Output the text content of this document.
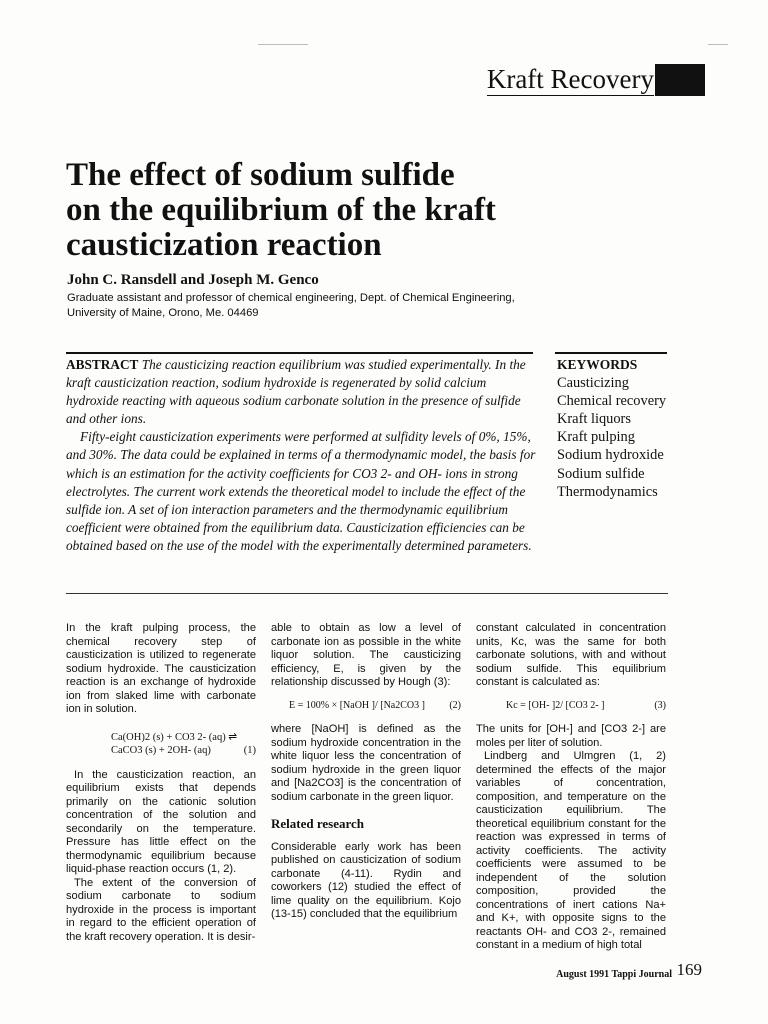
Kraft Recovery
The effect of sodium sulfide
on the equilibrium of the kraft
causticization reaction
John C. Ransdell and Joseph M. Genco
Graduate assistant and professor of chemical engineering, Dept. of Chemical Engineering,
University of Maine, Orono, Me. 04469

ABSTRACT The causticizing reaction equilibrium was studied experimentally. In the kraft causticization reaction, sodium hydroxide is regenerated by solid calcium hydroxide reacting with aqueous sodium carbonate solution in the presence of sulfide and other ions.

Fifty-eight causticization experiments were performed at sulfidity levels of 0%, 15%, and 30%. The data could be explained in terms of a thermodynamic model, the basis for which is an estimation for the activity coefficients for CO3 2- and OH- ions in strong electrolytes. The current work extends the theoretical model to include the effect of the sulfide ion. A set of ion interaction parameters and the thermodynamic equilibrium coefficient were obtained from the equilibrium data. Causticization efficiencies can be obtained based on the use of the model with the experimentally determined parameters.

KEYWORDS
Causticizing
Chemical recovery
Kraft liquors
Kraft pulping
Sodium hydroxide
Sodium sulfide
Thermodynamics

In the kraft pulping process, the chemical recovery step of causticization is utilized to regenerate sodium hydroxide. The causticization reaction is an exchange of hydroxide ion from slaked lime with carbonate ion in solution.

Ca(OH)2 (s) + CO3 2- (aq) ⇌
CaCO3 (s) + 2OH- (aq)	(1)

In the causticization reaction, an equilibrium exists that depends primarily on the cationic solution concentration of the solution and secondarily on the temperature. Pressure has little effect on the thermodynamic equilibrium because liquid-phase reaction occurs (1, 2).

The extent of the conversion of sodium carbonate to sodium hydroxide in the process is important in regard to the efficient operation of the kraft recovery operation. It is desir-

able to obtain as low a level of carbonate ion as possible in the white liquor solution. The causticizing efficiency, E, is given by the relationship discussed by Hough (3):

E = 100% × [NaOH ]/ [Na2CO3 ] (2)

where [NaOH] is defined as the sodium hydroxide concentration in the white liquor less the concentration of sodium hydroxide in the green liquor and [Na2CO3] is the concentration of sodium carbonate in the green liquor.

Related research

Considerable early work has been published on causticization of sodium carbonate (4-11). Rydin and coworkers (12) studied the effect of lime quality on the equilibrium. Kojo (13-15) concluded that the equilibrium

constant calculated in concentration units, Kc, was the same for both carbonate solutions, with and without sodium sulfide. This equilibrium constant is calculated as:

Kc = [OH- ]2/ [CO3 2- ]	(3)

The units for [OH-] and [CO3 2-] are moles per liter of solution.

Lindberg and Ulmgren (1, 2) determined the effects of the major variables of concentration, composition, and temperature on the causticization equilibrium. The theoretical equilibrium constant for the reaction was expressed in terms of activity coefficients. The activity coefficients were assumed to be independent of the solution composition, provided the concentrations of inert cations Na+ and K+, with opposite signs to the reactants OH- and CO3 2-, remained constant in a medium of high total

August 1991 Tappi Journal 169
